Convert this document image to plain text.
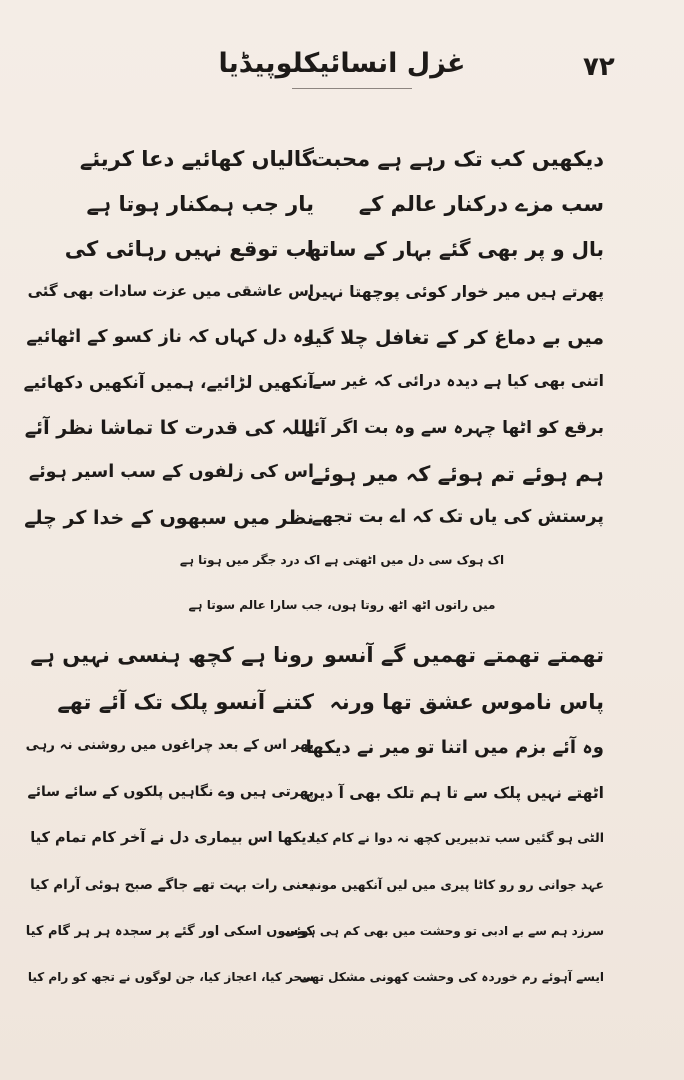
۷۲
غزل انسائیکلوپیڈیا
دیکھیں کب تک رہے ہے محبت
گالیاں کھائیے دعا کریئے
سب مزے درکنار عالم کے
یار جب ہمکنار ہوتا ہے
بال و پر بھی گئے بہار کے ساتھ
اب توقع نہیں رہائی کی
پھرتے ہیں میر خوار کوئی پوچھتا نہیں
اس عاشقی میں عزت سادات بھی گئی
میں بے دماغ کر کے تغافل چلا گیا
وہ دل کہاں کہ ناز کسو کے اٹھائیے
اتنی بھی کیا ہے دیدہ درائی کہ غیر سے
آنکھیں لڑائیے، ہمیں آنکھیں دکھائیے
برقع کو اٹھا چہرہ سے وہ بت اگر آئے
اللہ کی قدرت کا تماشا نظر آئے
ہم ہوئے تم ہوئے کہ میر ہوئے
اس کی زلفوں کے سب اسیر ہوئے
پرستش کی یاں تک کہ اے بت تجھے
نظر میں سبھوں کے خدا کر چلے
اک ہوک سی دل میں اٹھتی ہے اک درد جگر میں ہوتا ہے
میں راتوں اٹھ اٹھ روتا ہوں، جب سارا عالم سوتا ہے
تھمتے تھمتے تھمیں گے آنسو
رونا ہے کچھ ہنسی نہیں ہے
پاس ناموس عشق تھا ورنہ
کتنے آنسو پلک تک آئے تھے
وہ آئے بزم میں اتنا تو میر نے دیکھا
پھر اس کے بعد چراغوں میں روشنی نہ رہی
اٹھتے نہیں پلک سے تا ہم تلک بھی آ دیں
پھرتی ہیں وے نگاہیں پلکوں کے سائے سائے
الٹی ہو گئیں سب تدبیریں کچھ نہ دوا نے کام کیا
دیکھا اس بیماری دل نے آخر کام تمام کیا
عہد جوانی رو رو کاٹا پیری میں لیں آنکھیں موند
یعنی رات بہت تھے جاگے صبح ہوئی آرام کیا
سرزد ہم سے بے ادبی تو وحشت میں بھی کم ہی ہوئی
کوسوں اسکی اور گئے پر سجدہ ہر ہر گام کیا
ایسے آہوئے رم خوردہ کی وحشت کھونی مشکل تھی
سحر کیا، اعجاز کیا، جن لوگوں نے تجھ کو رام کیا
